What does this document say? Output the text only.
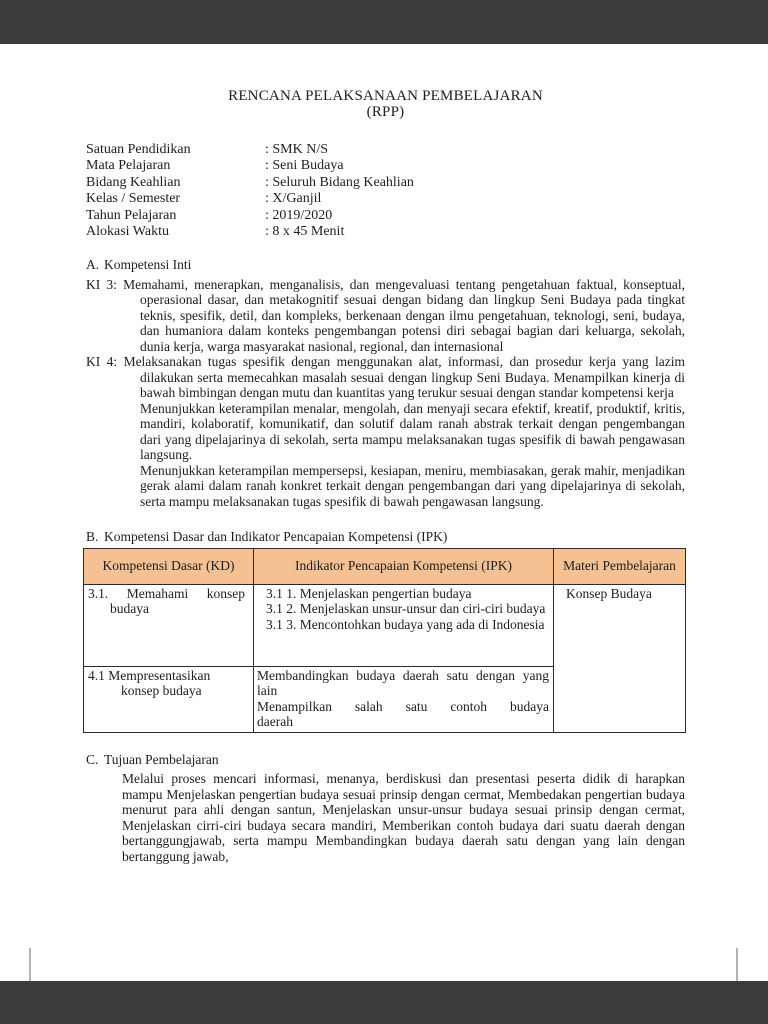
RENCANA PELAKSANAAN PEMBELAJARAN
(RPP)
Satuan Pendidikan	:
SMK N/S
Mata Pelajaran	:
Seni Budaya
Bidang Keahlian	:
Seluruh Bidang Keahlian
Kelas / Semester	:
X/Ganjil
Tahun Pelajaran	:
2019/2020
Alokasi Waktu	:
8 x 45 Menit
A. Kompetensi Inti
KI 3: Memahami, menerapkan, menganalisis, dan mengevaluasi tentang pengetahuan faktual, konseptual, operasional dasar, dan metakognitif sesuai dengan bidang dan lingkup Seni Budaya pada tingkat teknis, spesifik, detil, dan kompleks, berkenaan dengan ilmu pengetahuan, teknologi, seni, budaya, dan humaniora dalam konteks pengembangan potensi diri sebagai bagian dari keluarga, sekolah, dunia kerja, warga masyarakat nasional, regional, dan internasional
KI 4: Melaksanakan tugas spesifik dengan menggunakan alat, informasi, dan prosedur kerja yang lazim dilakukan serta memecahkan masalah sesuai dengan lingkup Seni Budaya. Menampilkan kinerja di bawah bimbingan dengan mutu dan kuantitas yang terukur sesuai dengan standar kompetensi kerja
Menunjukkan keterampilan menalar, mengolah, dan menyaji secara efektif, kreatif, produktif, kritis, mandiri, kolaboratif, komunikatif, dan solutif dalam ranah abstrak terkait dengan pengembangan dari yang dipelajarinya di sekolah, serta mampu melaksanakan tugas spesifik di bawah pengawasan langsung.
Menunjukkan keterampilan mempersepsi, kesiapan, meniru, membiasakan, gerak mahir, menjadikan gerak alami dalam ranah konkret terkait dengan pengembangan dari yang dipelajarinya di sekolah, serta mampu melaksanakan tugas spesifik di bawah pengawasan langsung.
B. Kompetensi Dasar dan Indikator Pencapaian Kompetensi (IPK)
Kompetensi Dasar (KD)	Indikator Pencapaian Kompetensi (IPK)	Materi Pembelajaran

3.1. Memahami konsep budaya	3.1 1. Menjelaskan pengertian budaya
3.1 2. Menjelaskan unsur-unsur dan ciri-ciri budaya
3.1 3. Mencontohkan budaya yang ada di Indonesia	Konsep Budaya

4.1 Mempresentasikan konsep budaya	Membandingkan budaya daerah satu dengan yang lain
Menampilkan salah satu contoh budaya daerah	
C. Tujuan Pembelajaran
Melalui proses mencari informasi, menanya, berdiskusi dan presentasi peserta didik di harapkan mampu Menjelaskan pengertian budaya sesuai prinsip dengan cermat, Membedakan pengertian budaya menurut para ahli dengan santun, Menjelaskan unsur-unsur budaya sesuai prinsip dengan cermat, Menjelaskan cirri-ciri budaya secara mandiri, Memberikan contoh budaya dari suatu daerah dengan bertanggungjawab, serta mampu Membandingkan budaya daerah satu dengan yang lain dengan bertanggung jawab,
